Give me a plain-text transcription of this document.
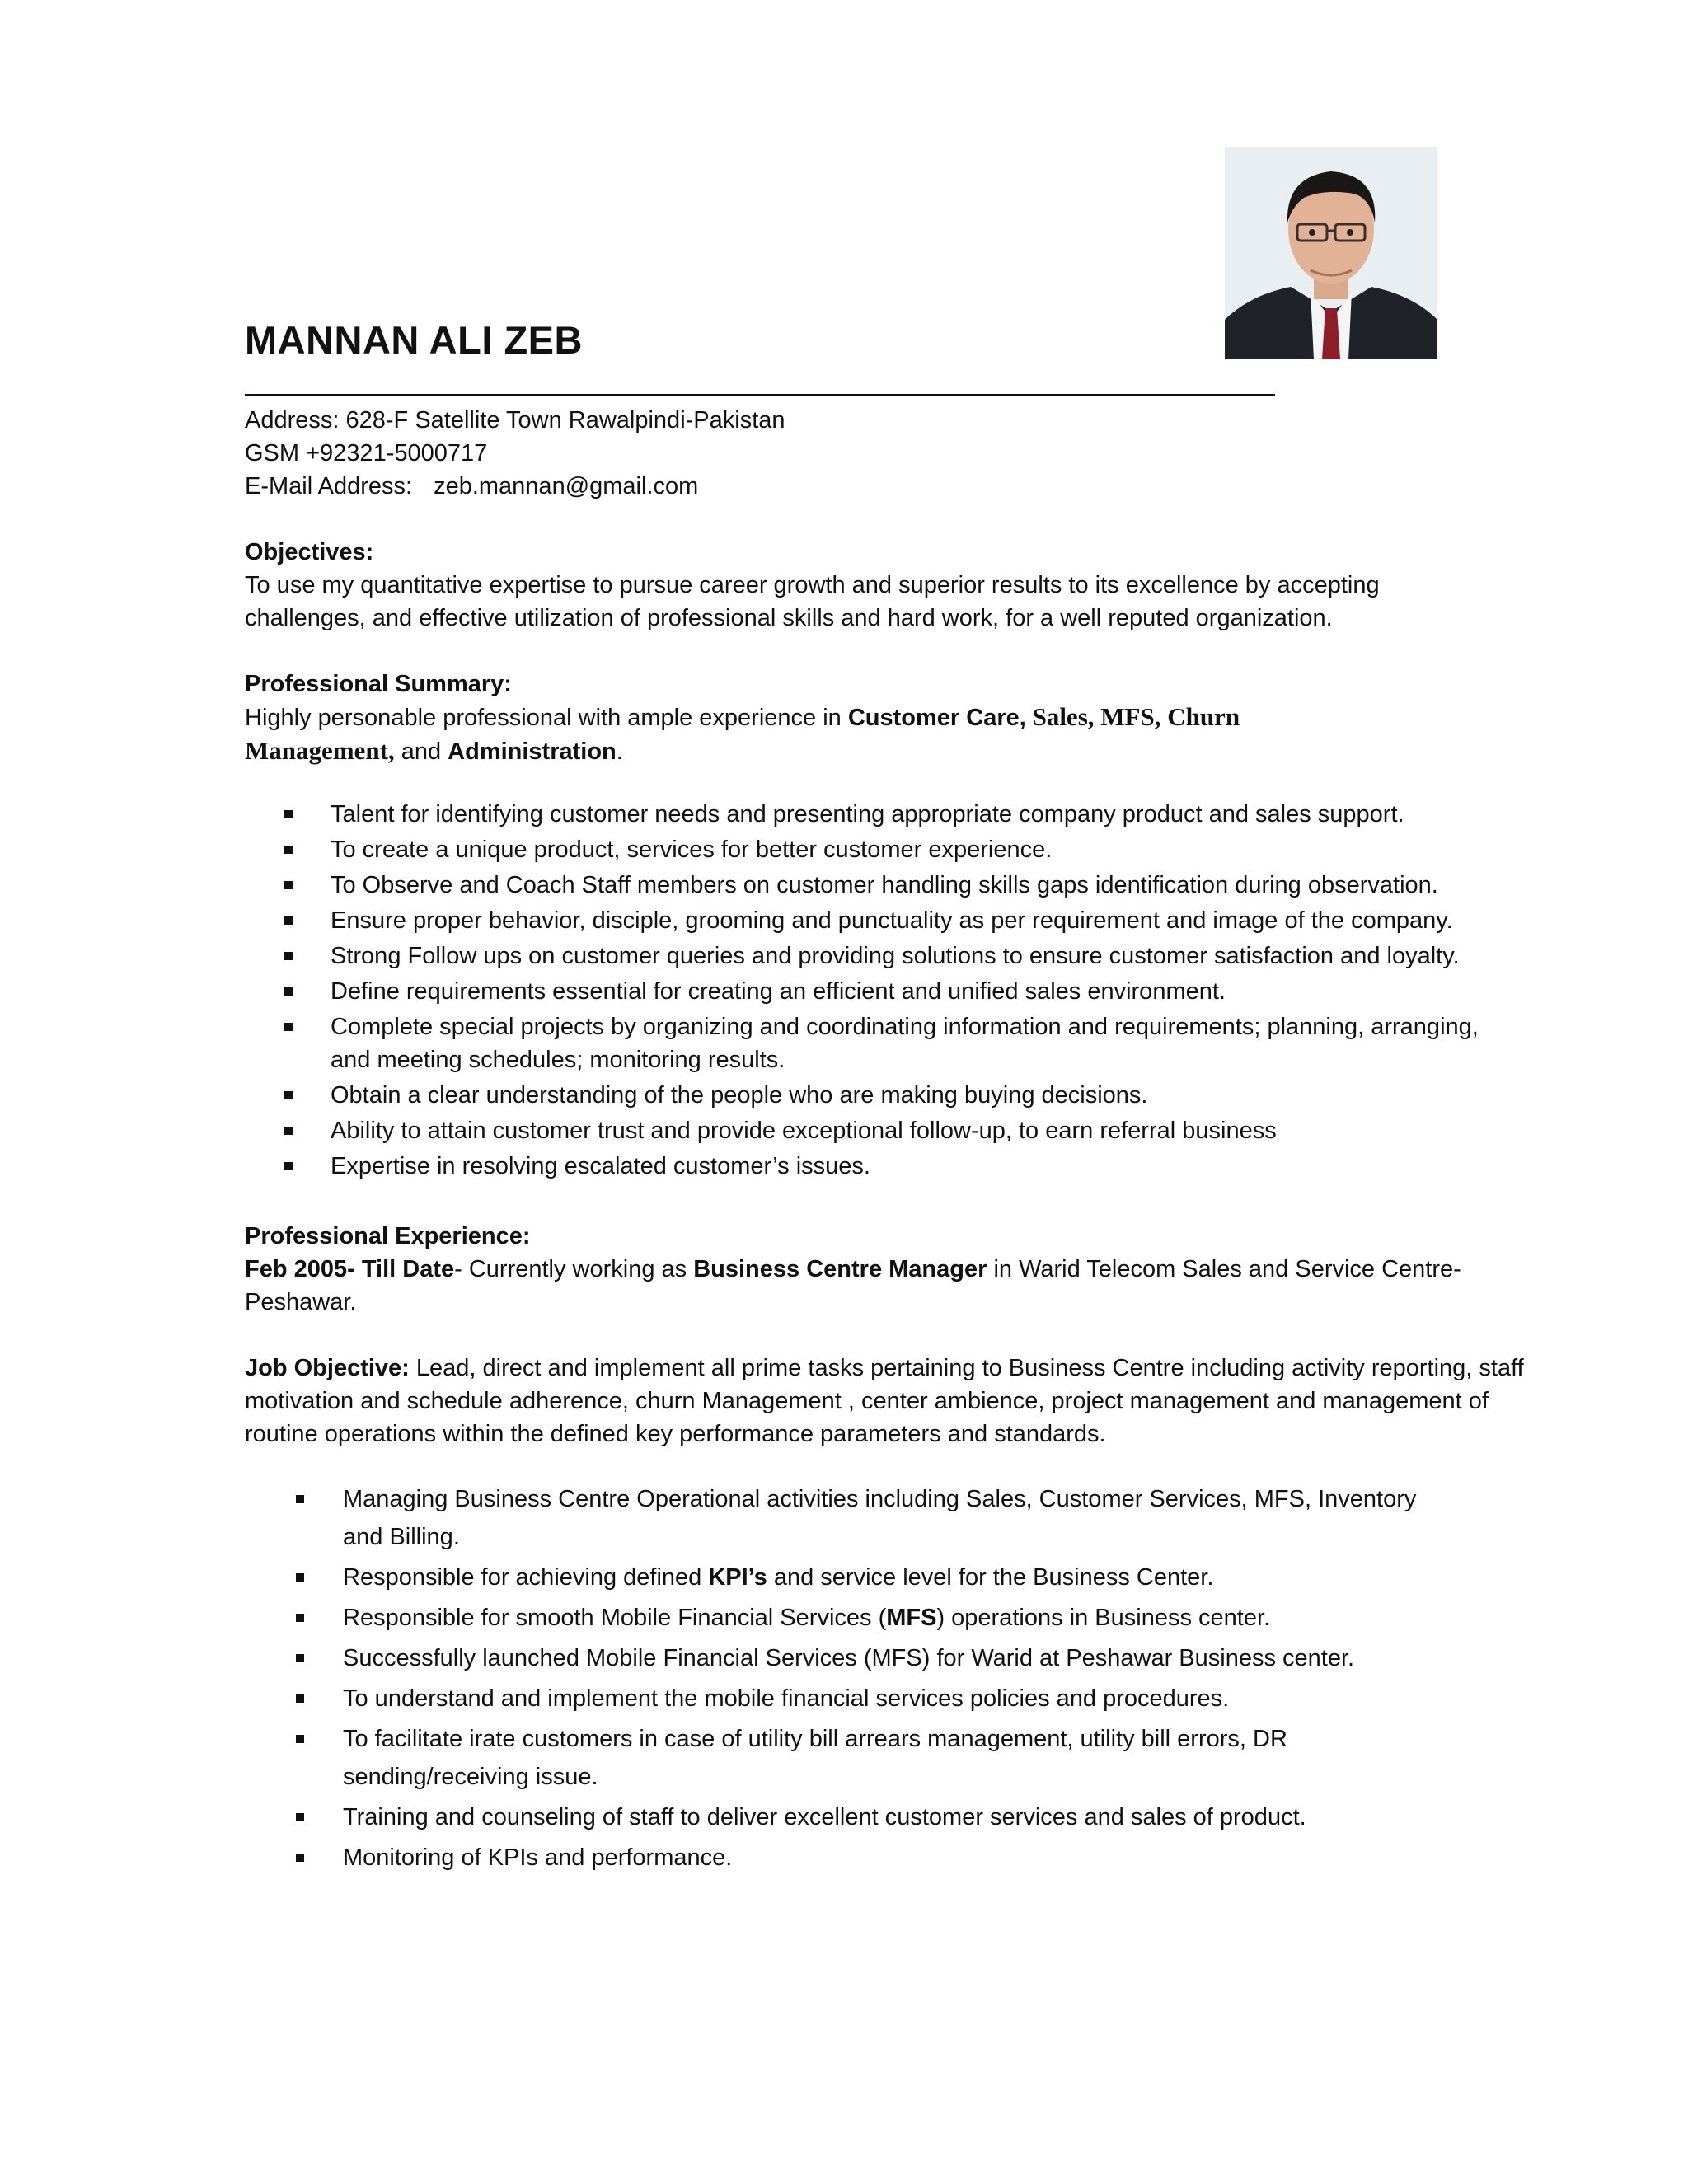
MANNAN ALI ZEB

Address: 628-F Satellite Town Rawalpindi-Pakistan

GSM +92321-5000717

E-Mail Address: zeb.mannan@gmail.com

Objectives:

To use my quantitative expertise to pursue career growth and superior results to its excellence by accepting challenges, and effective utilization of professional skills and hard work, for a well reputed organization.

Professional Summary:

Highly personable professional with ample experience in Customer Care, Sales, MFS, Churn Management, and Administration.

Talent for identifying customer needs and presenting appropriate company product and sales support.
To create a unique product, services for better customer experience.
To Observe and Coach Staff members on customer handling skills gaps identification during observation.
Ensure proper behavior, disciple, grooming and punctuality as per requirement and image of the company.
Strong Follow ups on customer queries and providing solutions to ensure customer satisfaction and loyalty.
Define requirements essential for creating an efficient and unified sales environment.
Complete special projects by organizing and coordinating information and requirements; planning, arranging, and meeting schedules; monitoring results.
Obtain a clear understanding of the people who are making buying decisions.
Ability to attain customer trust and provide exceptional follow-up, to earn referral business
Expertise in resolving escalated customer’s issues.

Professional Experience:

Feb 2005- Till Date- Currently working as Business Centre Manager in Warid Telecom Sales and Service Centre-Peshawar.

Job Objective: Lead, direct and implement all prime tasks pertaining to Business Centre including activity reporting, staff motivation and schedule adherence, churn Management , center ambience, project management and management of routine operations within the defined key performance parameters and standards.

Managing Business Centre Operational activities including Sales, Customer Services, MFS, Inventory and Billing.
Responsible for achieving defined KPI’s and service level for the Business Center.
Responsible for smooth Mobile Financial Services (MFS) operations in Business center.
Successfully launched Mobile Financial Services (MFS) for Warid at Peshawar Business center.
To understand and implement the mobile financial services policies and procedures.
To facilitate irate customers in case of utility bill arrears management, utility bill errors, DR sending/receiving issue.
Training and counseling of staff to deliver excellent customer services and sales of product.
Monitoring of KPIs and performance.
